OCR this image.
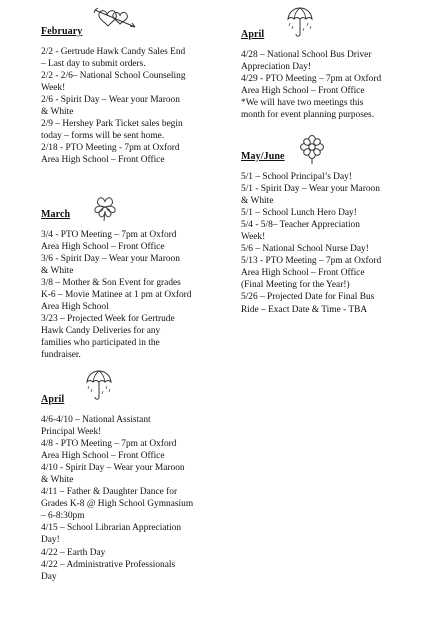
February
2/2 - Gertrude Hawk Candy Sales End
– Last day to submit orders.
2/2 - 2/6– National School Counseling
Week!
2/6 - Spirit Day – Wear your Maroon
& White
2/9 – Hershey Park Ticket sales begin
today – forms will be sent home.
2/18 - PTO Meeting - 7pm at Oxford
Area High School – Front Office
March
3/4 - PTO Meeting – 7pm at Oxford
Area High School – Front Office
3/6 - Spirit Day – Wear your Maroon
& White
3/8 – Mother & Son Event for grades
K-6 – Movie Matinee at 1 pm at Oxford
Area High School
3/23 – Projected Week for Gertrude
Hawk Candy Deliveries for any
families who participated in the
fundraiser.
April
4/6-4/10 – National Assistant
Principal Week!
4/8 - PTO Meeting – 7pm at Oxford
Area High School – Front Office
4/10 - Spirit Day – Wear your Maroon
& White
4/11 – Father & Daughter Dance for
Grades K-8 @ High School Gymnasium
– 6-8:30pm
4/15 – School Librarian Appreciation
Day!
4/22 – Earth Day
4/22 – Administrative Professionals
Day
April
4/28 – National School Bus Driver
Appreciation Day!
4/29 - PTO Meeting – 7pm at Oxford
Area High School – Front Office
*We will have two meetings this
month for event planning purposes.
May/June
5/1 – School Principal’s Day!
5/1 - Spirit Day – Wear your Maroon
& White
5/1 – School Lunch Hero Day!
5/4 - 5/8– Teacher Appreciation
Week!
5/6 – National School Nurse Day!
5/13 - PTO Meeting – 7pm at Oxford
Area High School – Front Office
(Final Meeting for the Year!)
5/26 – Projected Date for Final Bus
Ride – Exact Date & Time - TBA
